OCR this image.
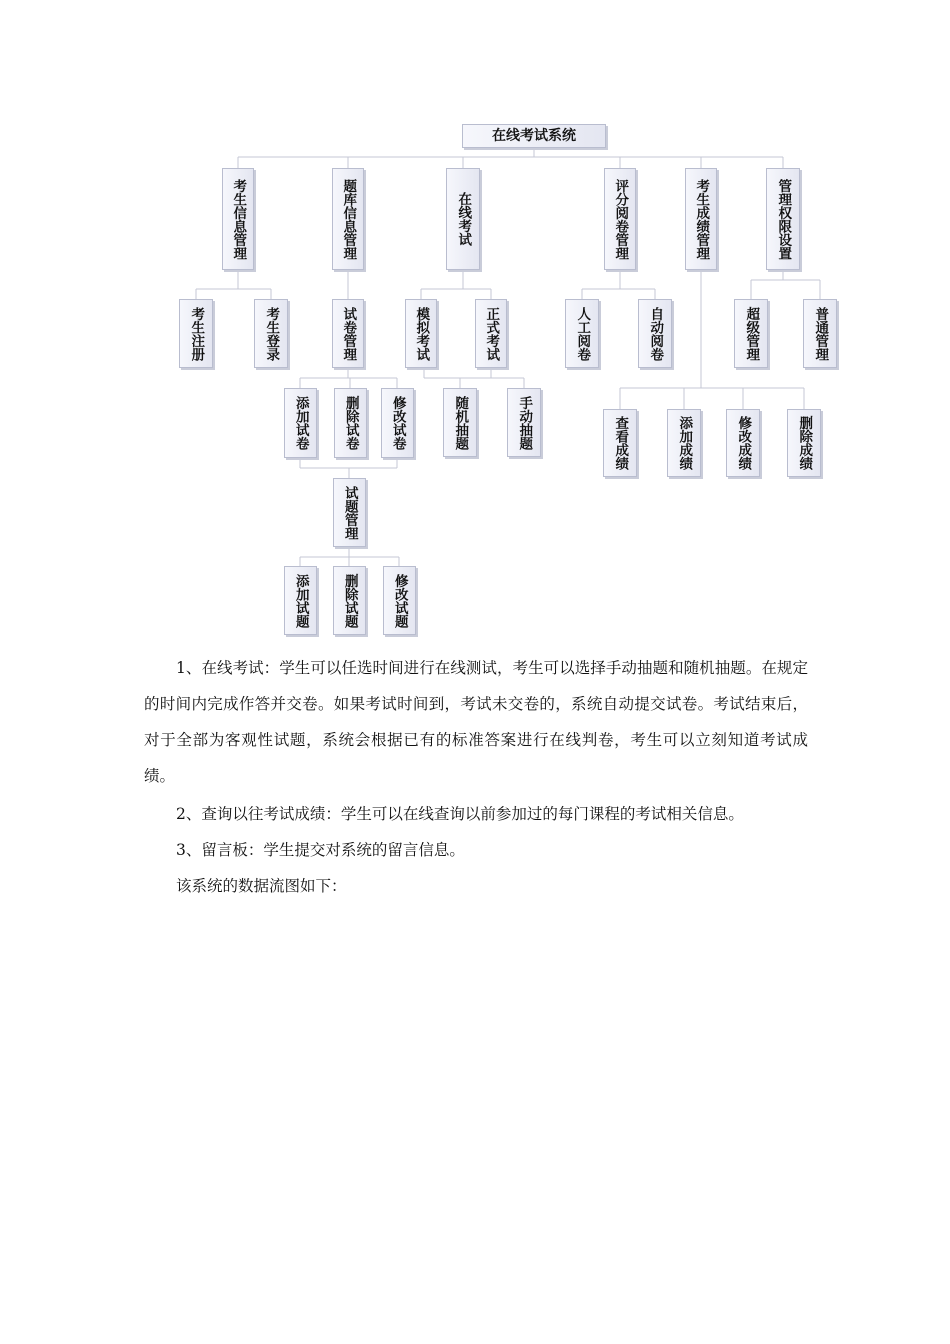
在线考试系统
考生信息管理	题库信息管理	在线考试	评分阅卷管理	考生成绩管理	管理权限设置
考生注册	考生登录	试卷管理	模拟考试	正式考试	人工阅卷	自动阅卷	超级管理	普通管理
添加试卷	删除试卷 修改试卷	随机抽题	手动抽题	查看成绩	添加成绩	修改成绩	删除成绩
试题管理
添加试题 删除试题	修改试题

1、在线考试：学生可以任选时间进行在线测试，考生可以选择手动抽题和随机抽题。在规定的时间内完成作答并交卷。如果考试时间到，考试未交卷的，系统自动提交试卷。考试结束后，对于全部为客观性试题，系统会根据已有的标准答案进行在线判卷，考生可以立刻知道考试成绩。

2、查询以往考试成绩：学生可以在线查询以前参加过的每门课程的考试相关信息。

3、留言板：学生提交对系统的留言信息。

该系统的数据流图如下：
